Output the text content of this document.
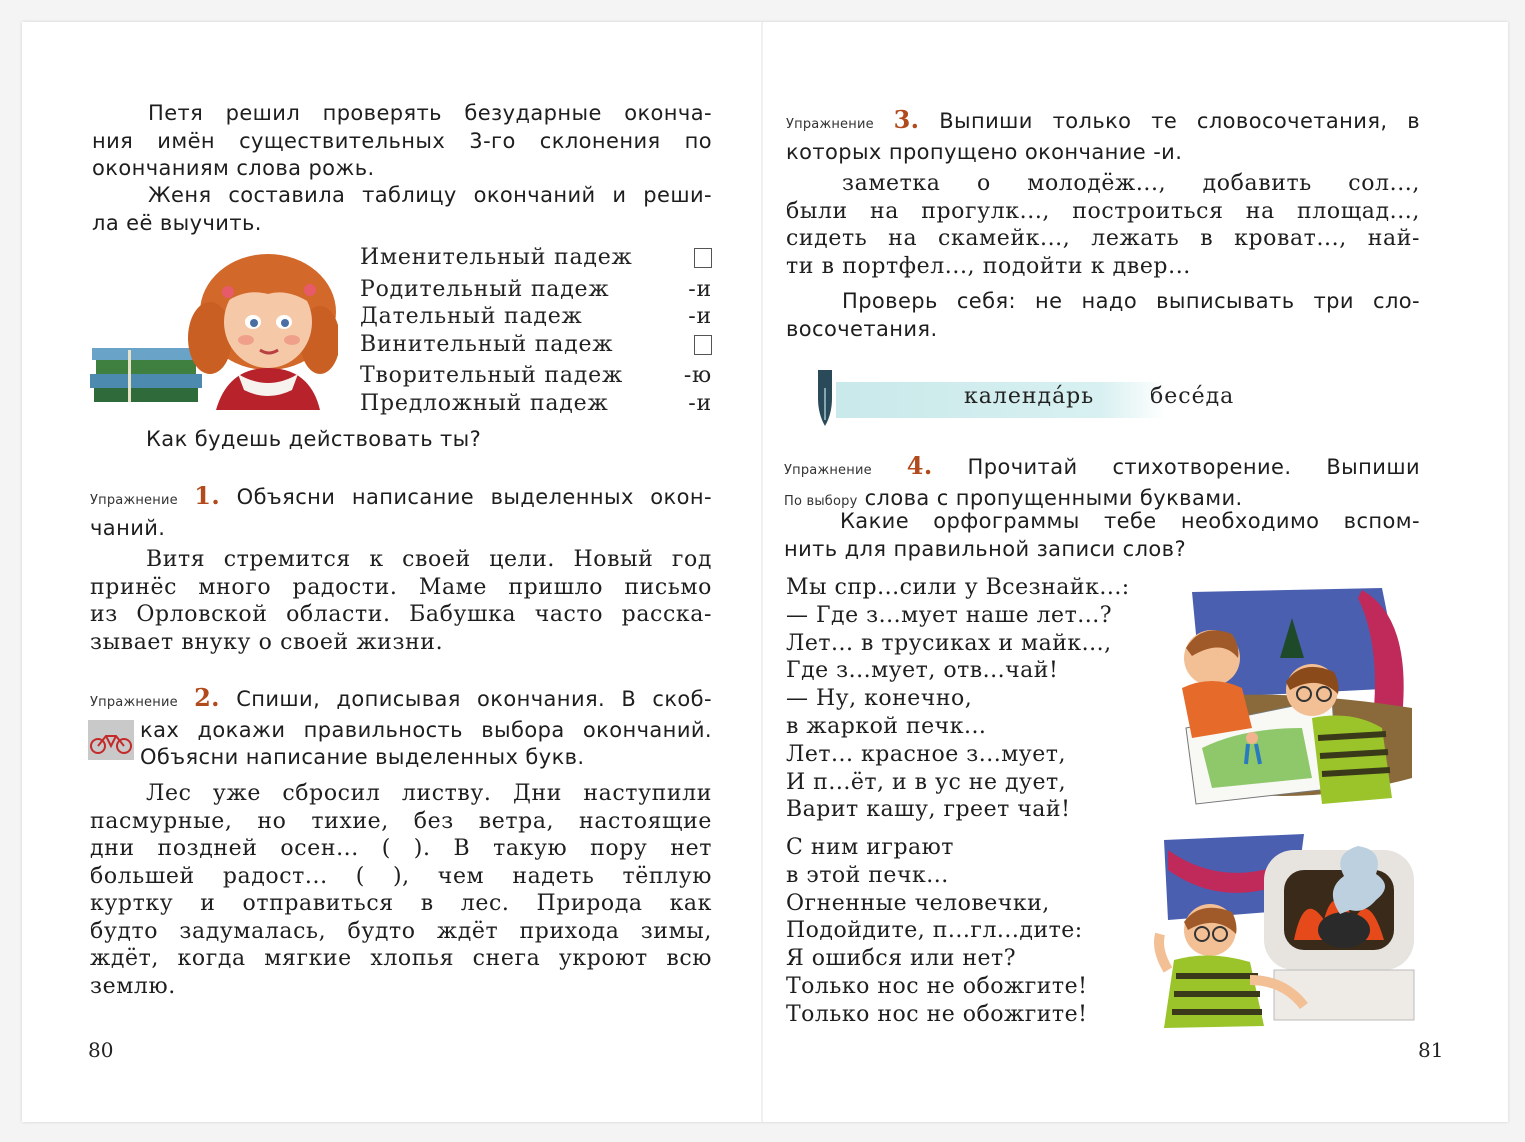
Петя решил проверять безударные оконча-
ния имён существительных 3-го склонения по
окончаниям слова рожь.
Женя составила таблицу окончаний и реши-
ла её выучить.
Именительный падеж
Родительный падеж	-и
Дательный падеж	-и
Винительный падеж
Творительный падеж	-ю
Предложный падеж	-и
Как будешь действовать ты?
Упражнение 1. Объясни написание выделенных окон-
чаний.
Витя стремится к своей цели. Новый год
принёс много радости. Маме пришло письмо
из Орловской области. Бабушка часто расска-
зывает внуку о своей жизни.
Упражнение 2. Спиши, дописывая окончания. В скоб-
ках докажи правильность выбора окончаний.
Объясни написание выделенных букв.
Лес уже сбросил листву. Дни наступили
пасмурные, но тихие, без ветра, настоящие
дни поздней осен... ( ). В такую пору нет
большей радост... ( ), чем надеть тёплую
куртку и отправиться в лес. Природа как
будто задумалась, будто ждёт прихода зимы,
ждёт, когда мягкие хлопья снега укроют всю
землю.
80
Упражнение 3. Выпиши только те словосочетания, в
которых пропущено окончание -и.
заметка о молодёж..., добавить сол...,
были на прогулк..., построиться на площад...,
сидеть на скамейк..., лежать в кроват..., най-
ти в портфел..., подойти к двер...
Проверь себя: не надо выписывать три сло-
восочетания.
календа́рь	бесе́да
Упражнение 4. Прочитай стихотворение. Выпиши
По выбору слова с пропущенными буквами.
Какие орфограммы тебе необходимо вспом-
нить для правильной записи слов?
Мы спр...сили у Всезнайк...:
— Где з...мует наше лет...?
Лет... в трусиках и майк...,
Где з...мует, отв...чай!
— Ну, конечно,
в жаркой печк...
Лет... красное з...мует,
И п...ёт, и в ус не дует,
Варит кашу, греет чай!
С ним играют
в этой печк...
Огненные человечки,
Подойдите, п...гл...дите:
Я ошибся или нет?
Только нос не обожгите!
Только нос не обожгите!
81
